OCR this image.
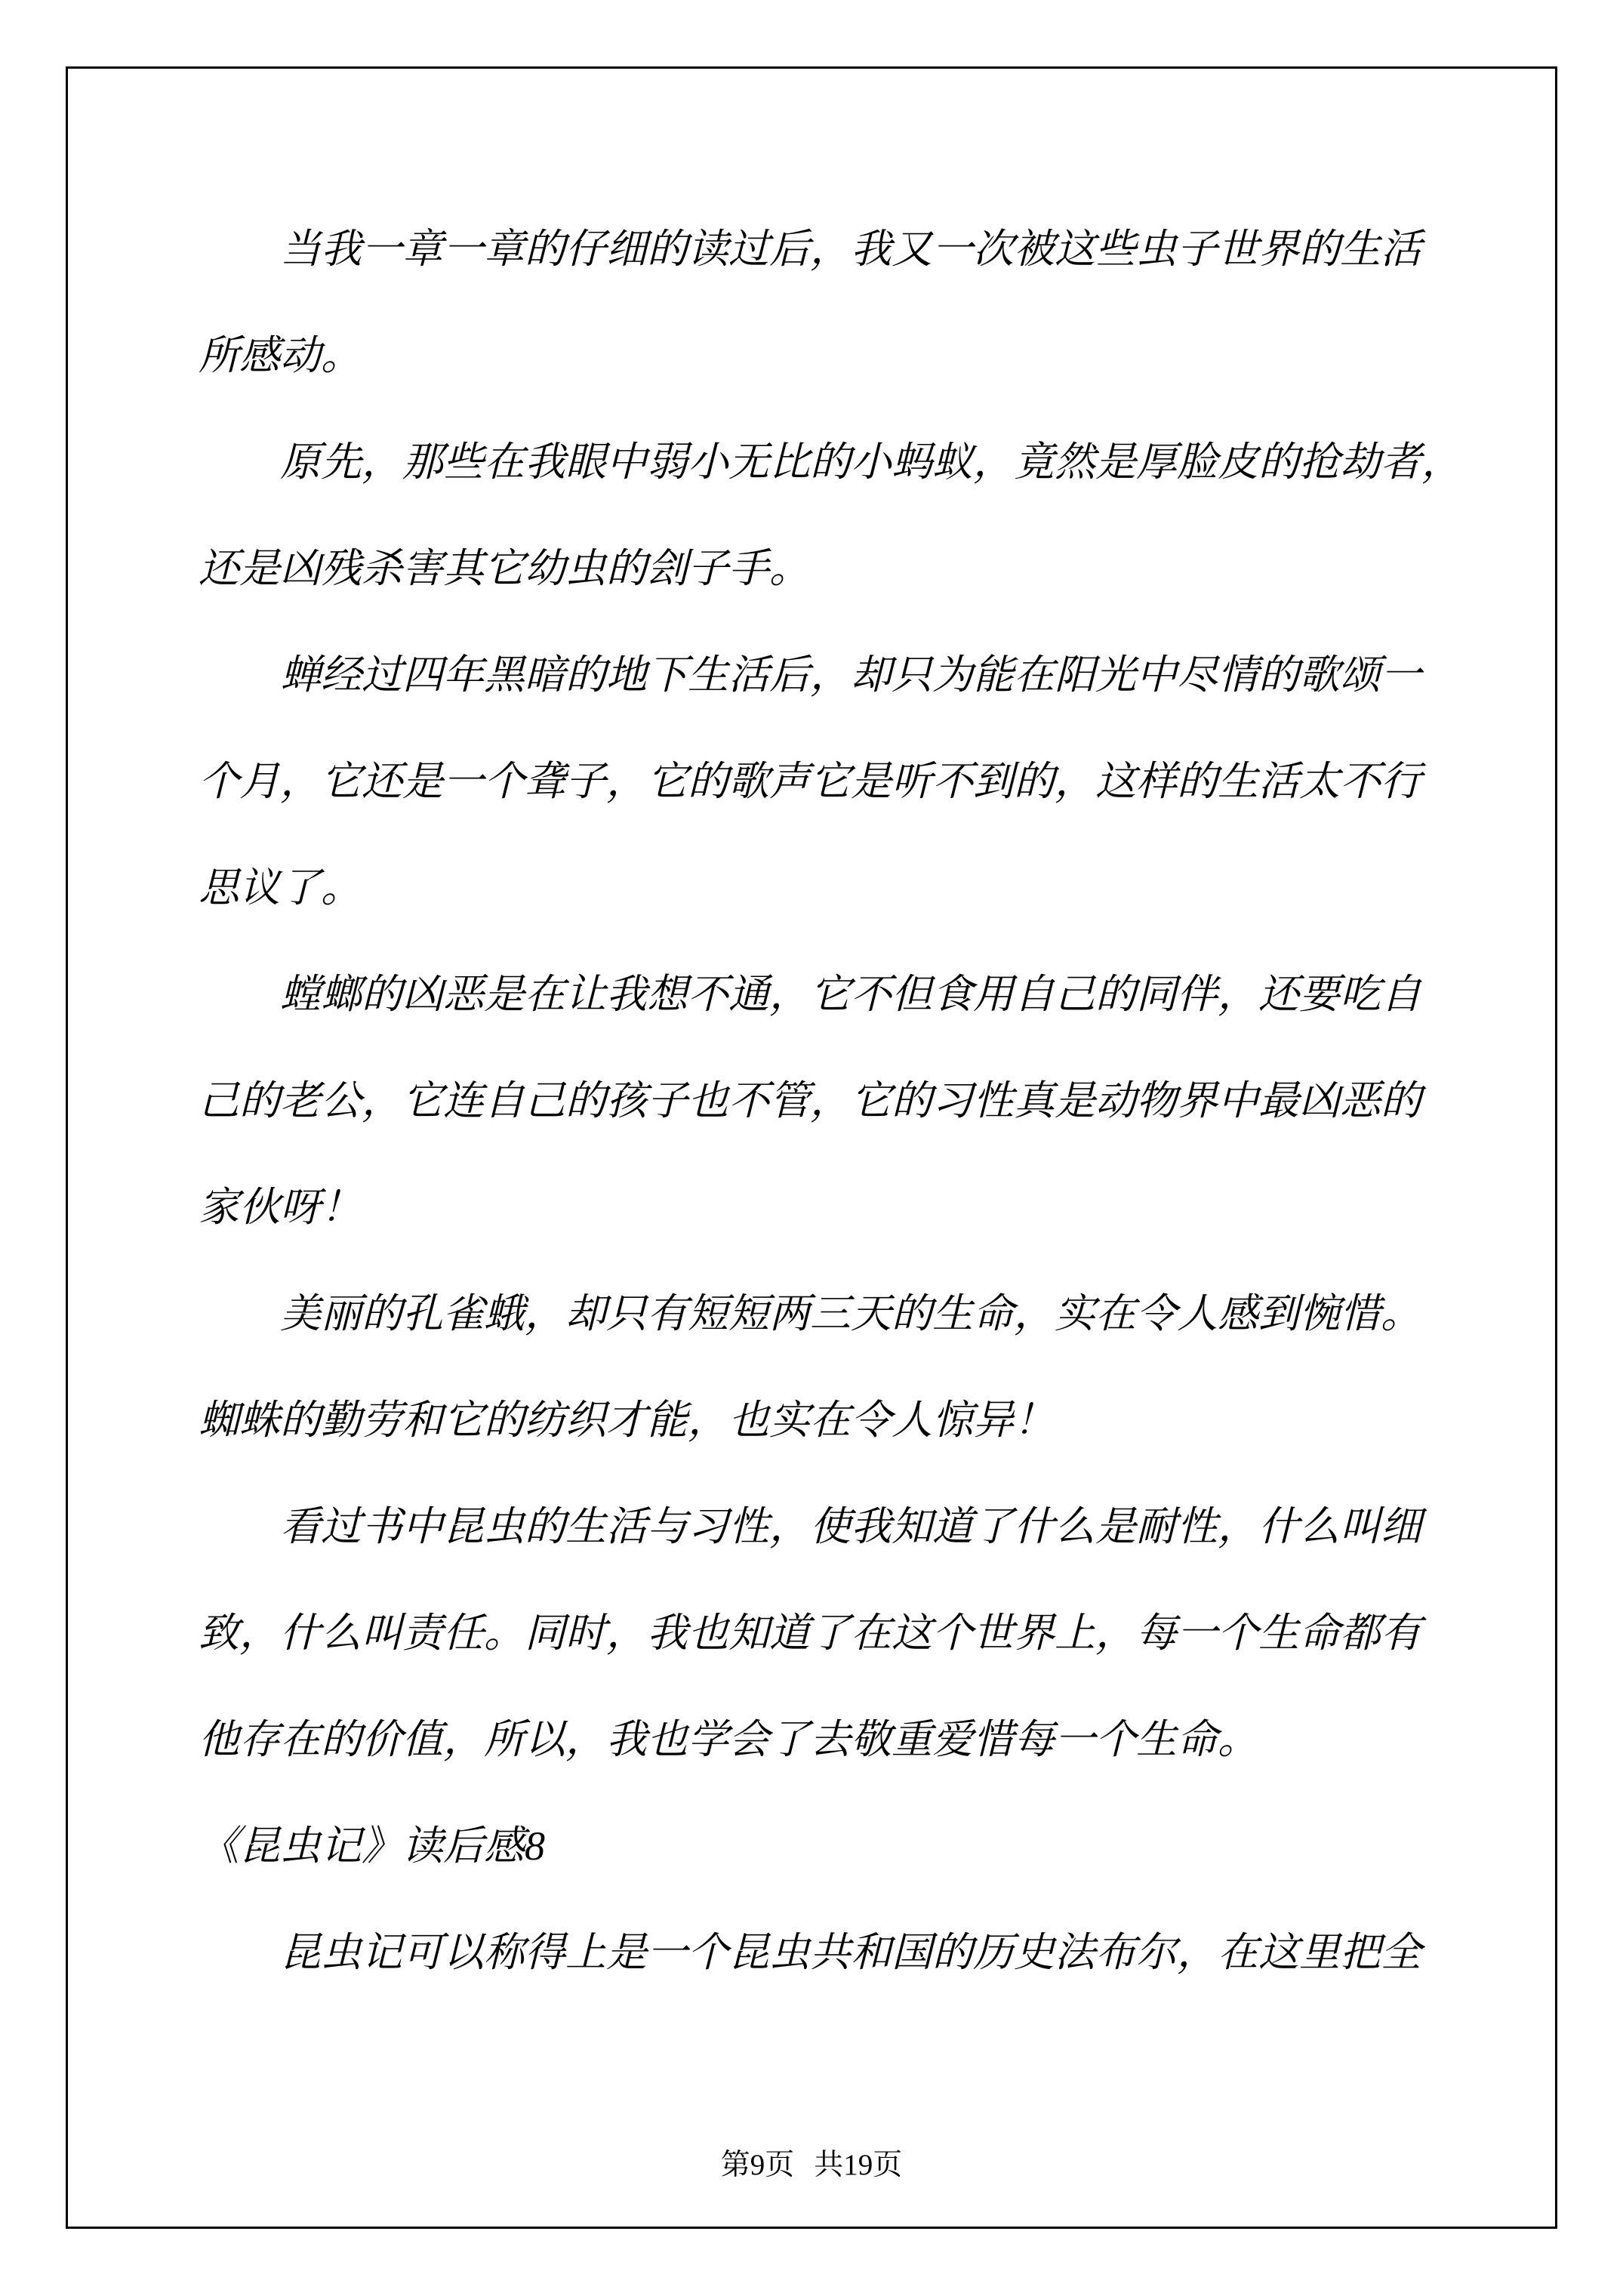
当我一章一章的仔细的读过后，我又一次被这些虫子世界的生活
所感动。
原先，那些在我眼中弱小无比的小蚂蚁，竟然是厚脸皮的抢劫者，
还是凶残杀害其它幼虫的刽子手。
蝉经过四年黑暗的地下生活后，却只为能在阳光中尽情的歌颂一
个月，它还是一个聋子，它的歌声它是听不到的，这样的生活太不行
思议了。
螳螂的凶恶是在让我想不通，它不但食用自己的同伴，还要吃自
己的老公，它连自己的孩子也不管，它的习性真是动物界中最凶恶的
家伙呀！
美丽的孔雀蛾，却只有短短两三天的生命，实在令人感到惋惜。
蜘蛛的勤劳和它的纺织才能，也实在令人惊异！
看过书中昆虫的生活与习性，使我知道了什么是耐性，什么叫细
致，什么叫责任。同时，我也知道了在这个世界上，每一个生命都有
他存在的价值，所以，我也学会了去敬重爱惜每一个生命。
《昆虫记》读后感8
昆虫记可以称得上是一个昆虫共和国的历史法布尔，在这里把全
第9页 共19页
